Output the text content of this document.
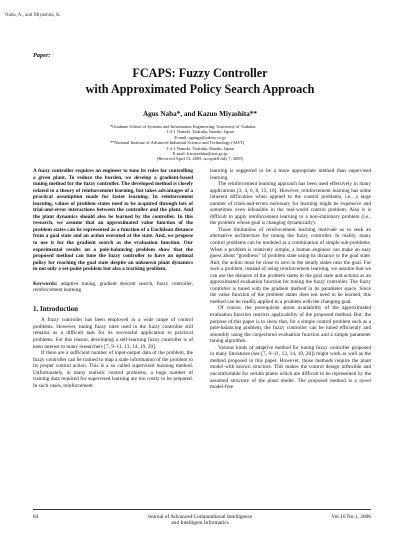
Naba, A., and Miyashita, K.
Paper:
FCAPS: Fuzzy Controller
with Approximated Policy Search Approach
Agus Naba*, and Kazuo Miyashita**
*Graduate School of Systems and Information Engineering, University of Tsukuba
1-2-1 Namiki, Tsukuba, Ibaraki, Japan
E-mail: agnaga@yahoo.co.jp
**National Institute of Advanced Industrial Science and Technology (AIST)
1-2-1 Namiki, Tsukuba, Ibaraki, Japan
E-mail: k.miyashita@aist.go.jp
[Received April 13, 2005; accepted July 7, 2005]

A fuzzy controller requires an engineer to tune its rules for controlling a given plant. To reduce the burden, we develop a gradient-based tuning method for the fuzzy controller. The developed method is closely related to a theory of reinforcement learning, but takes advantages of a practical assumption made for faster learning. In reinforcement learning, values of problem states need to be acquired through lots of trial-and-error interactions between the controller and the plant. And the plant dynamics should also be learned by the controller. In this research, we assume that an approximated value function of the problem states can be represented as a function of a Euclidean distance from a goal state and an action executed at the state. And, we propose to use it for the gradient search as the evaluation function. Our experimental results on a pole-balancing problem show that the proposed method can tune the fuzzy controller to have an optimal policy for reaching the goal state despite an unknown plant dynamics in not only a set-point problem but also a tracking problem.

Keywords: adaptive tuning, gradient descent search, fuzzy controller, reinforcement learning

1. Introduction

A fuzzy controller has been employed in a wide range of control problems. However, tuning fuzzy rules used in the fuzzy controller still remains as a difficult task for its successful application to practical problems. For this reason, developing a self-learning fuzzy controller is of keen interest to many researchers [7, 9–11, 13, 14, 19, 20].

If there are a sufficient number of input-output data of the problem, the fuzzy controller can be trained to map a state information of the problem to its proper control action. This is a so called supervised learning method. Unfortunately, in many realistic control problems, a huge number of training data required for supervised learning are too costly to be prepared. In such cases, reinforcement

learning is suggested to be a more appropriate method than supervised learning.

The reinforcement learning approach has been used effectively in many applications [3, 4, 6, 8, 15, 16]. However, reinforcement learning has some inherent difficulties when applied to the control problems, i.e., a large number of trials-and-errors necessary for learning might be expensive and sometimes even infeasible in the real-world control problem. Also it is difficult to apply reinforcement learning to a non-stationary problem (i.e., the problem whose goal is changing dynamically).

Those limitations of reinforcement learning motivate us to seek an alternative architecture for tuning the fuzzy controller. In reality, many control problems can be modeled as a combination of simple sub-problems. When a problem is relatively simple, a human engineer can make an easy guess about “goodness” of problem state using its distance to the goal state. And, the action must be close to zero in the steady states near the goal. For such a problem, instead of using reinforcement learning, we assume that we can use the distance of the problem states to the goal state and actions as an approximated evaluation function for tuning the fuzzy controller. The fuzzy controller is tuned with the gradient method in its parameter space. Since the value function of the problem states does not need to be learned, this method can be readily applied to a problem with the changing goal.

Of course, the prerequisite about availability of the approximated evaluation function restricts applicability of the proposed method. But, the purpose of this paper is to show that, for a simple control problem such as a pole-balancing problem, the fuzzy controller can be tuned efficiently and smoothly using the conjectured evaluation function and a simple parameter tuning algorithm.

Various kinds of adaptive method for tuning fuzzy controller proposed in many literatures (see [7, 9–11, 13, 14, 19, 20]) might work as well as the method proposed in this paper. However, those methods require the plant model with known structure. This makes the control design inflexible and uncomfortable for certain plants which are difficult to be represented by the assumed structure of the plant model. The proposed method is a novel model-free

84	Journal of Advanced Computational Intelligence
and Intelligent Informatics
Vol.10 No.1, 2006
